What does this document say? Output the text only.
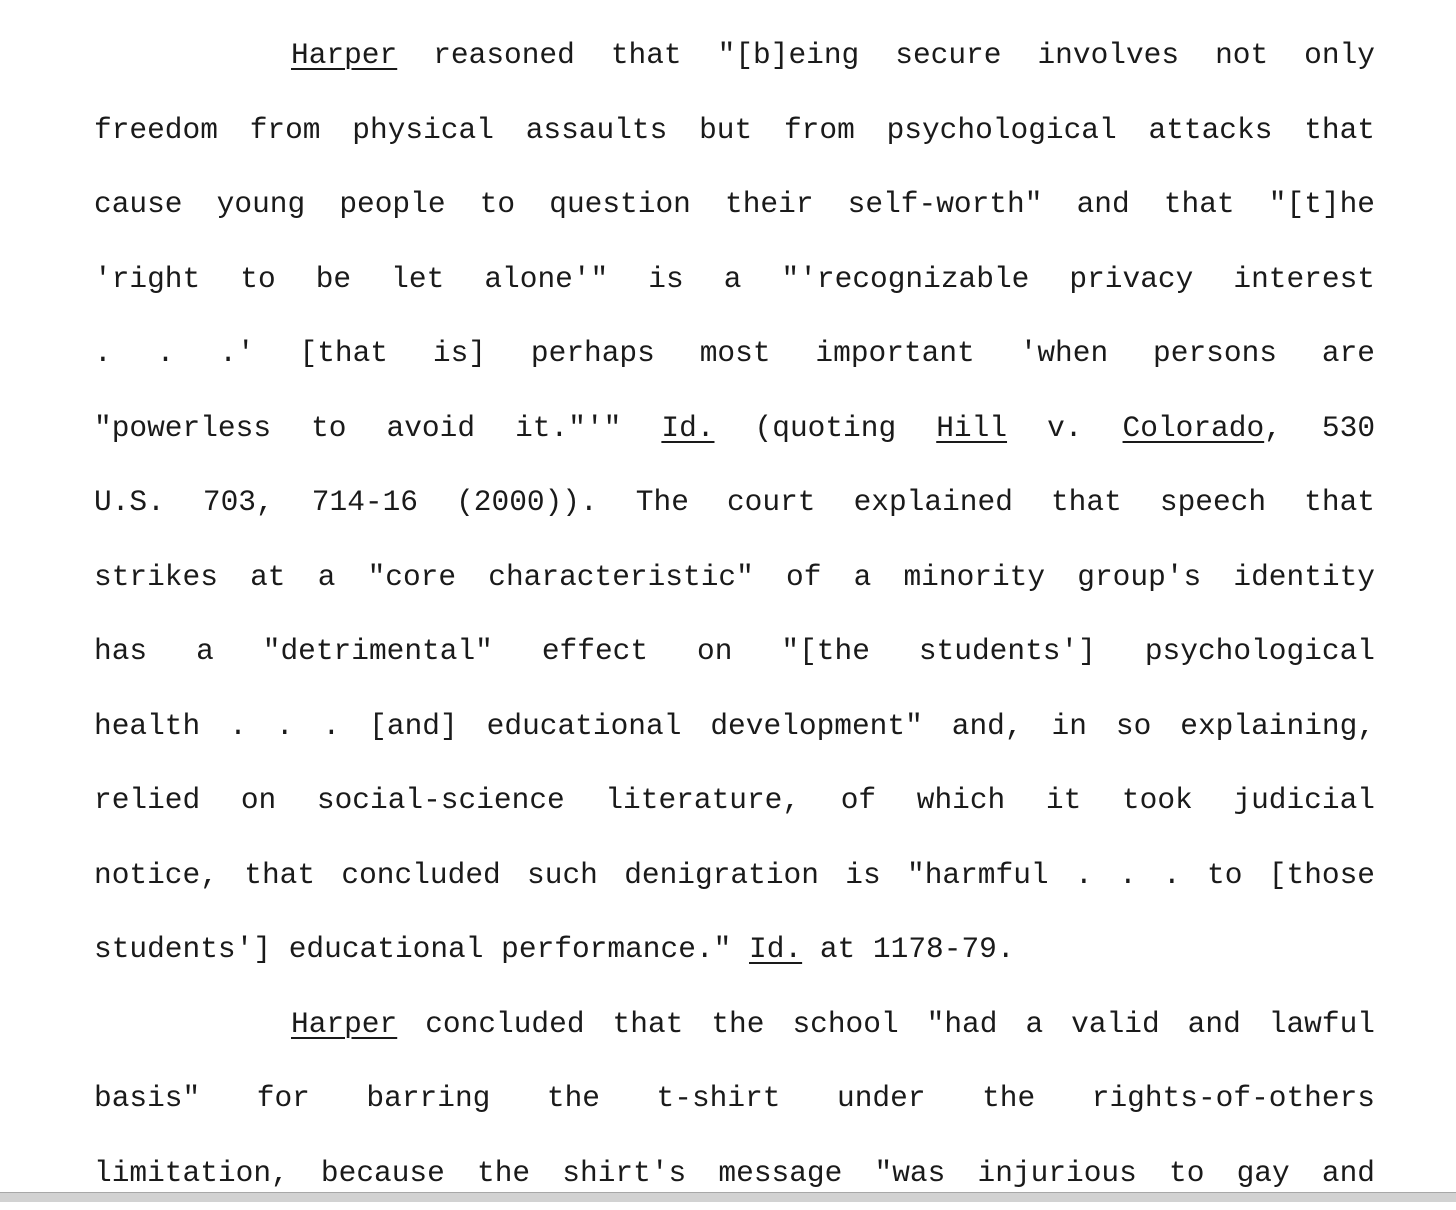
Harper reasoned that "[b]eing secure involves not only
freedom from physical assaults but from psychological attacks that
cause young people to question their self-worth" and that "[t]he
'right to be let alone'" is a "'recognizable privacy interest
. . .' [that is] perhaps most important 'when persons are
"powerless to avoid it."'" Id. (quoting Hill v. Colorado, 530
U.S. 703, 714-16 (2000)). The court explained that speech that
strikes at a "core characteristic" of a minority group's identity
has a "detrimental" effect on "[the students'] psychological
health . . . [and] educational development" and, in so explaining,
relied on social-science literature, of which it took judicial
notice, that concluded such denigration is "harmful . . . to [those
students'] educational performance." Id. at 1178-79.
Harper concluded that the school "had a valid and lawful
basis" for barring the t-shirt under the rights-of-others
limitation, because the shirt's message "was injurious to gay and
